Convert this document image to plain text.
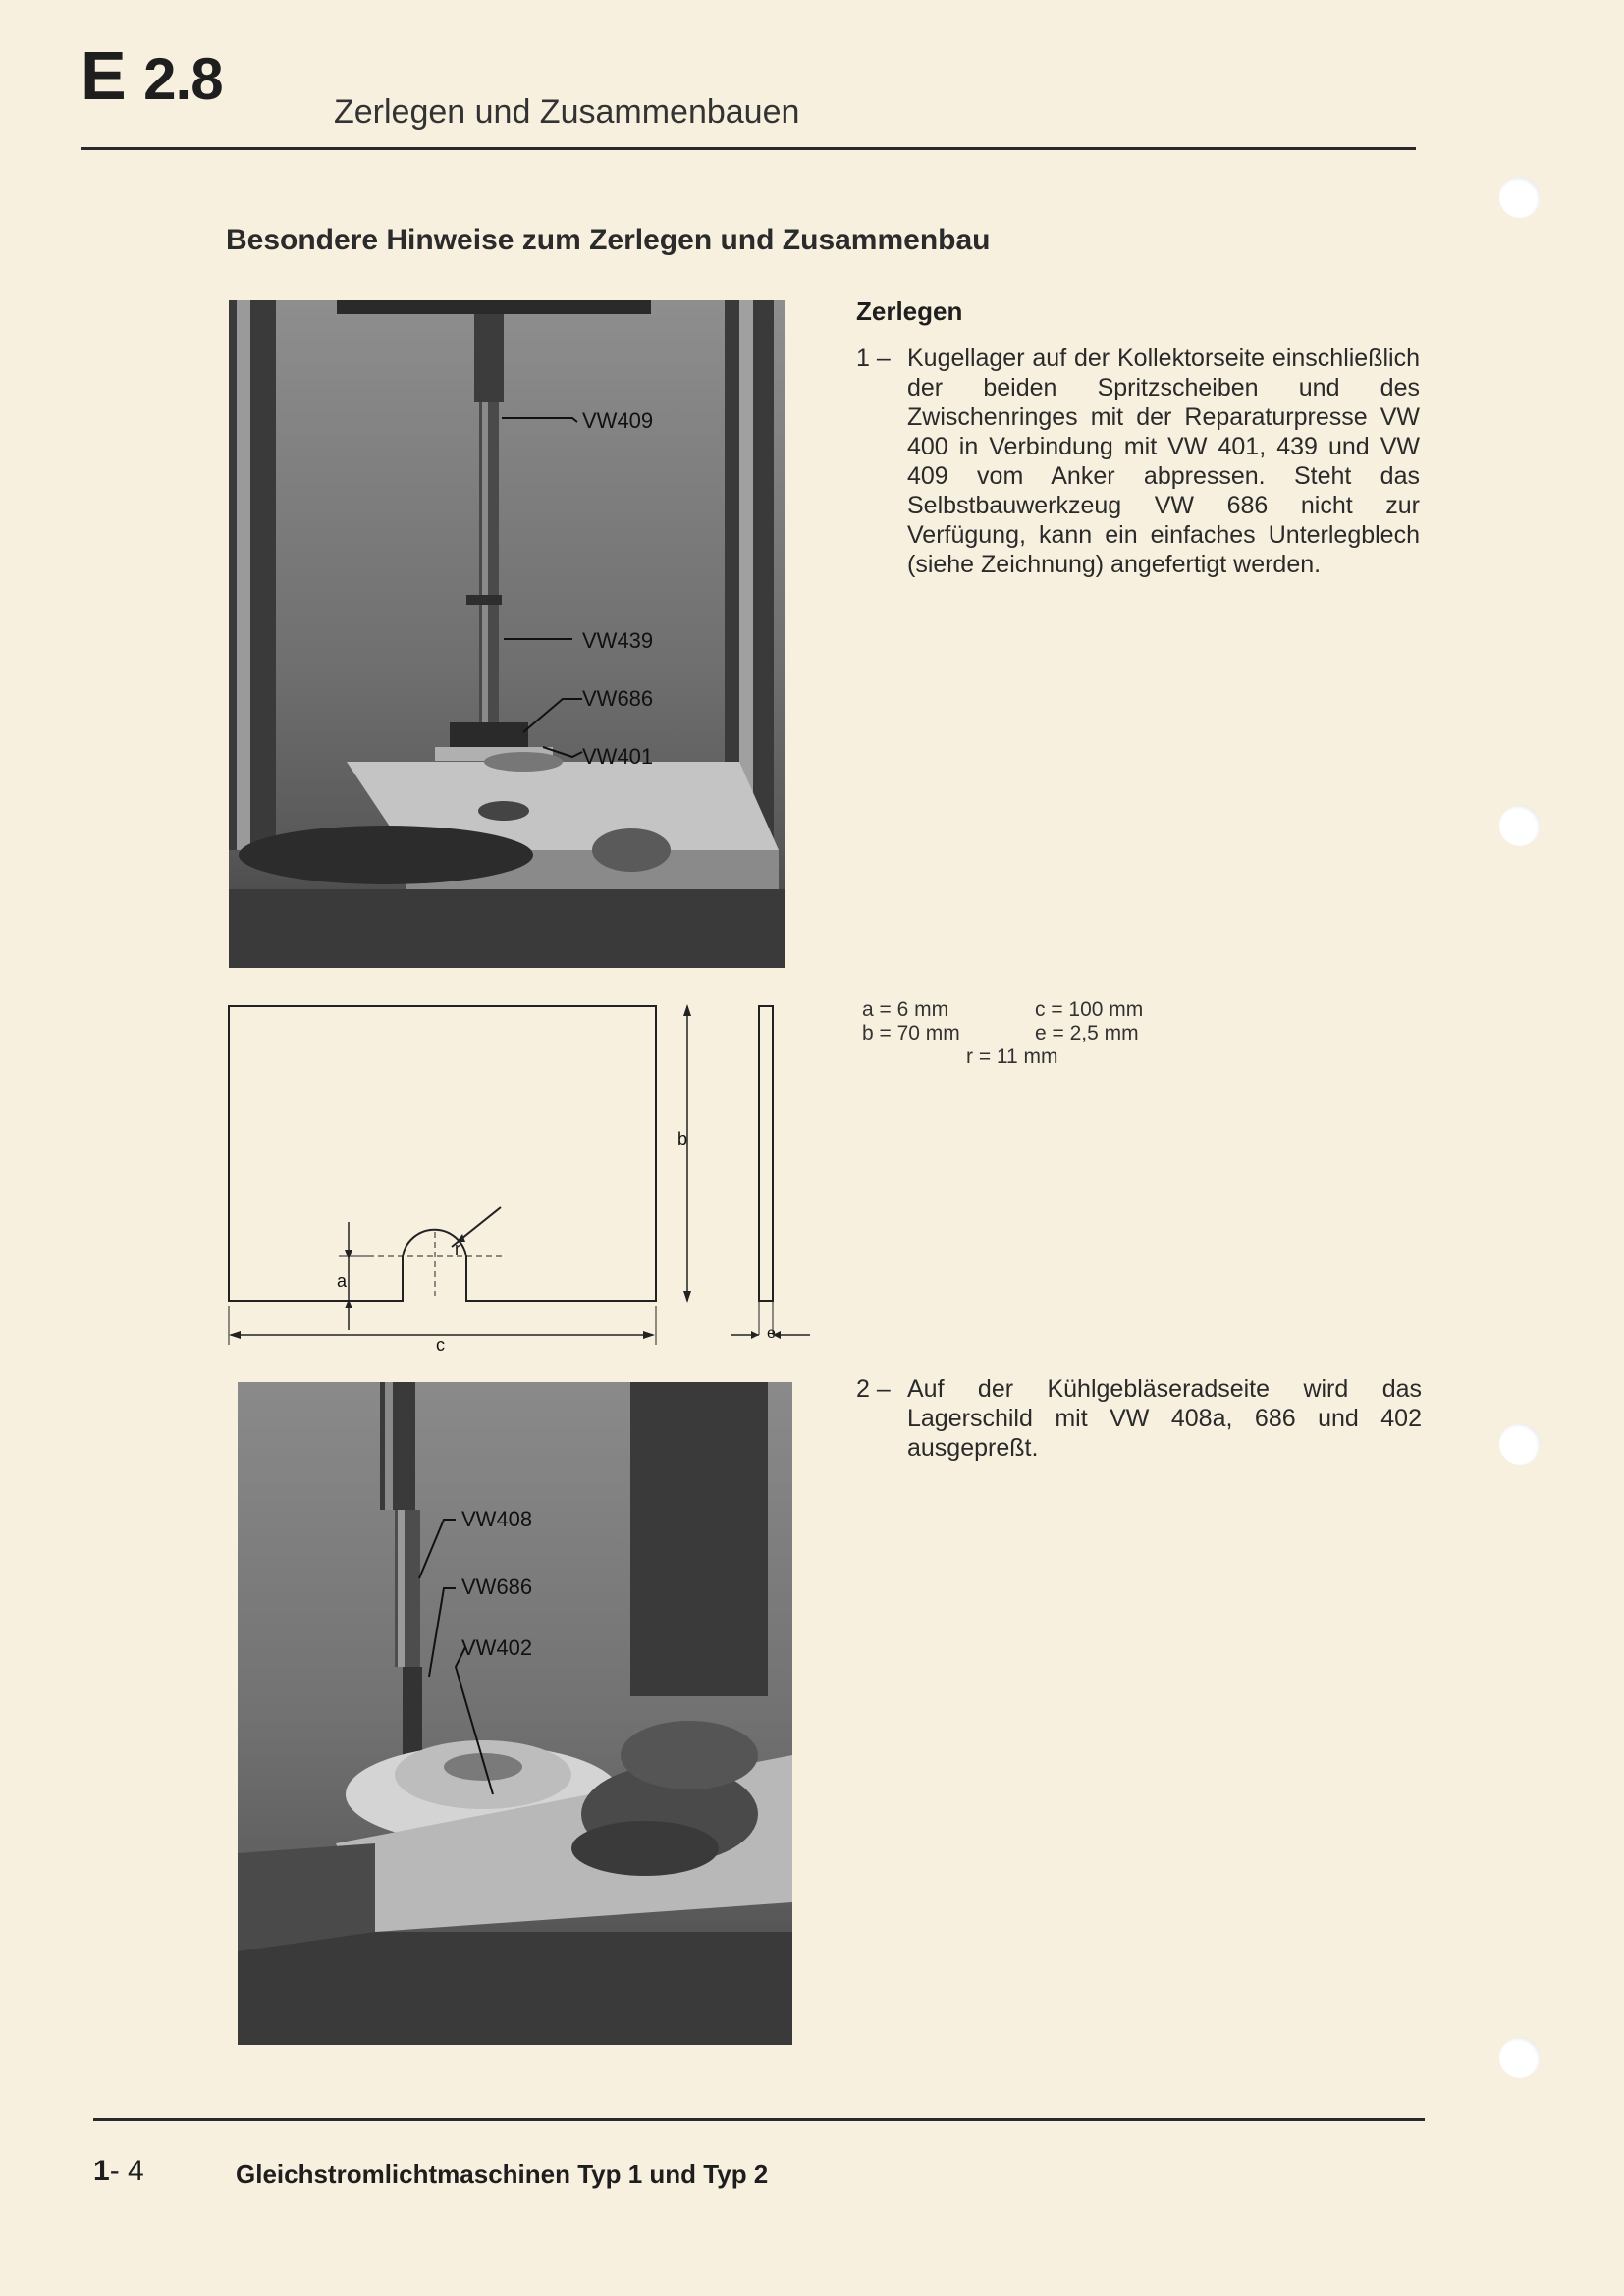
E 2.8	Zerlegen und Zusammenbauen
Besondere Hinweise zum Zerlegen und Zusammenbau
VW409
VW439
VW686
VW401
Zerlegen
1 – Kugellager auf der Kollektorseite einschließlich der beiden Spritzscheiben und des Zwischenringes mit der Reparaturpresse VW 400 in Verbindung mit VW 401, 439 und VW 409 vom Anker abpressen. Steht das Selbstbauwerkzeug VW 686 nicht zur Verfügung, kann ein einfaches Unterlegblech (siehe Zeichnung) angefertigt werden.
a
b
c
r
e
a = 6 mm	c = 100 mm
b = 70 mm	e = 2,5 mm
r = 11 mm
VW408
VW686
VW402
2 – Auf der Kühlgebläseradseite wird das Lagerschild mit VW 408a, 686 und 402 ausgepreßt.
1- 4	Gleichstromlichtmaschinen Typ 1 und Typ 2
